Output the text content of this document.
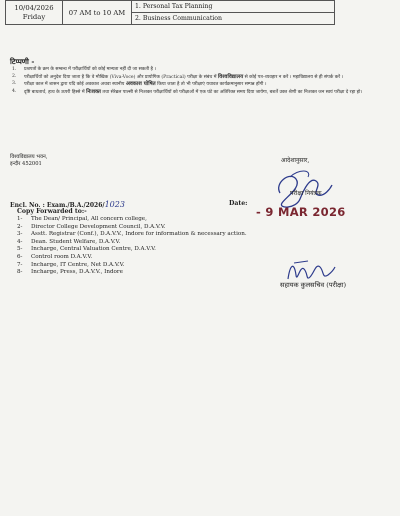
10/04/2026
Friday	07 AM to 10 AM	1. Personal Tax Planning
2. Business Communication
टिप्पणी -
1.	प्रश्नपत्रों के क्रम के सम्बन्ध में परीक्षार्थियों को कोई मान्यता नहीं दी जा सकती है ।
2.	परीक्षार्थियों को अनुदेश दिया जाता है कि वे मौखिक (Viva-Voce) और प्रायोगिक (Practical) परीक्षा के संबंध में विश्वविद्यालय से कोई पत्र–व्यवहार न करें । महाविद्यालय से ही संपर्क करें ।
3.	परीक्षा काल में शासन द्वारा यदि कोई अवकाश अथवा स्थानीय अवकाश घोषित किया जाता है तो भी परीक्षाएं यथावत कार्यक्रमानुसार सम्पन्न होंगी ।
4.	दृष्टि बाधतार्थ, हाथ के ऊपरी हिस्से में निःशक्त तथा सेरेब्रल पाल्सी से निःशक्त परीक्षार्थियों को परीक्षाओं में एक घंटे का अतिरिक्त समय दिया जायेगा, बशर्ते उक्त श्रेणी का निःशक्त जन स्वयं परीक्षा दे रहा हो।
विश्वविद्यालय भवन,
इन्दौर 452001	आदेशानुसार,
परीक्षा नियंत्रक
Encl. No. : Exam./B.A./2026/1023	Date:
- 9 MAR 2026
Copy Forwarded to:-
1-	The Dean/ Principal, All concern college,
2-	Director College Development Council, D.A.V.V.
3-	Asstt. Registrar (Conf.), D.A.V.V., Indore for information & necessary action.
4-	Dean. Student Welfare, D.A.V.V.
5-	Incharge, Central Valuation Centre, D.A.V.V.
6-	Control room D.A.V.V.
7-	Incharge, IT Centre, Net D.A.V.V.
8-	Incharge, Press, D.A.V.V., Indore
सहायक कुलसचिव (परीक्षा)
